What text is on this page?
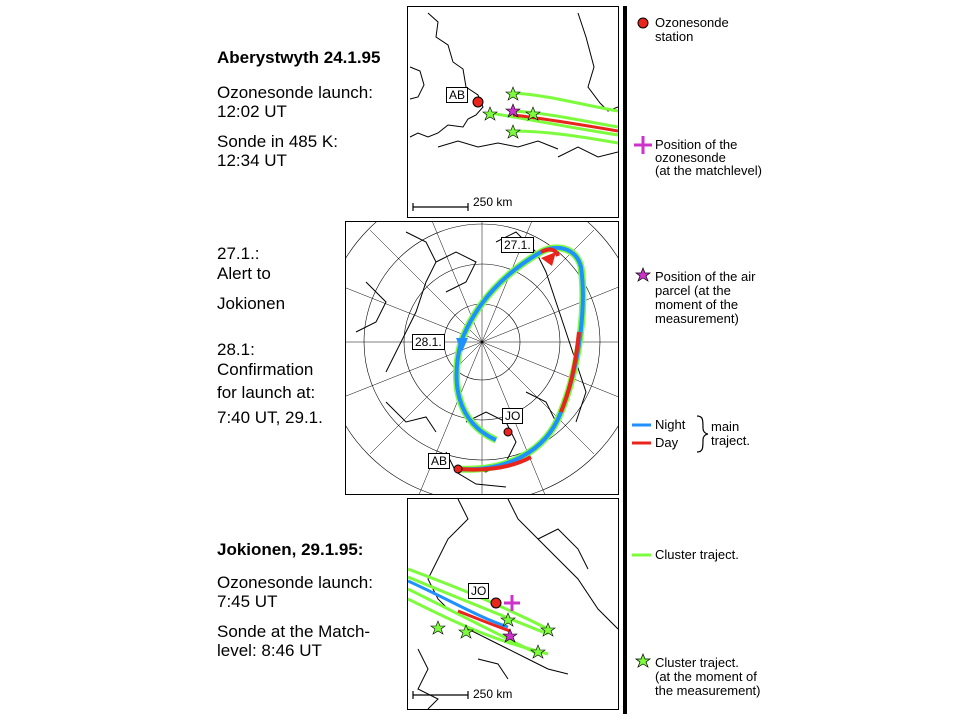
Aberystwyth 24.1.95
Ozonesonde launch:
12:02 UT
Sonde in 485 K:
12:34 UT
27.1.:
Alert to
Jokionen
28.1:
Confirmation
for launch at:
7:40 UT, 29.1.
Jokionen, 29.1.95:
Ozonesonde launch:
7:45 UT
Sonde at the Match-
level: 8:46 UT
AB
250 km
27.1.
28.1.
JO
AB
JO
250 km
Ozonesonde
station
Position of the
ozonesonde
(at the matchlevel)
Position of the air
parcel (at the
moment of the
measurement)
Night
Day
main
traject.
Cluster traject.
Cluster traject.
(at the moment of
the measurement)
